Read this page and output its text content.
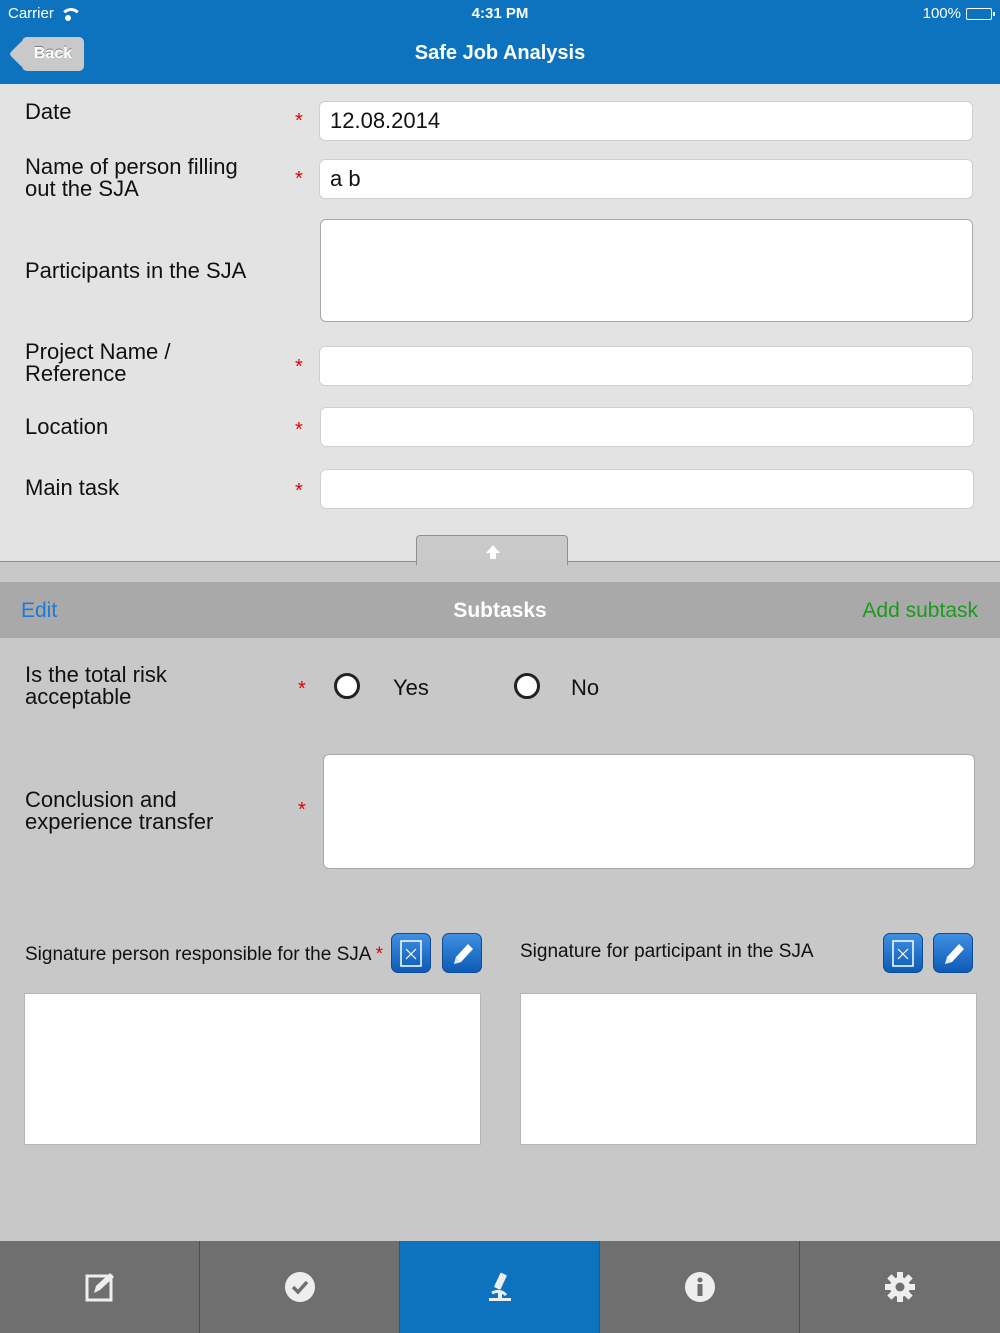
Carrier	4:31 PM	100%
Back	Safe Job Analysis
Date	*	12.08.2014
Name of person filling
out the SJA	*	a b
Participants in the SJA
Project Name /
Reference	*
Location	*
Main task	*
Edit	Subtasks	Add subtask
Is the total risk
acceptable	*	Yes	No
Conclusion and
experience transfer	*
Signature person responsible for the SJA *	Signature for participant in the SJA
